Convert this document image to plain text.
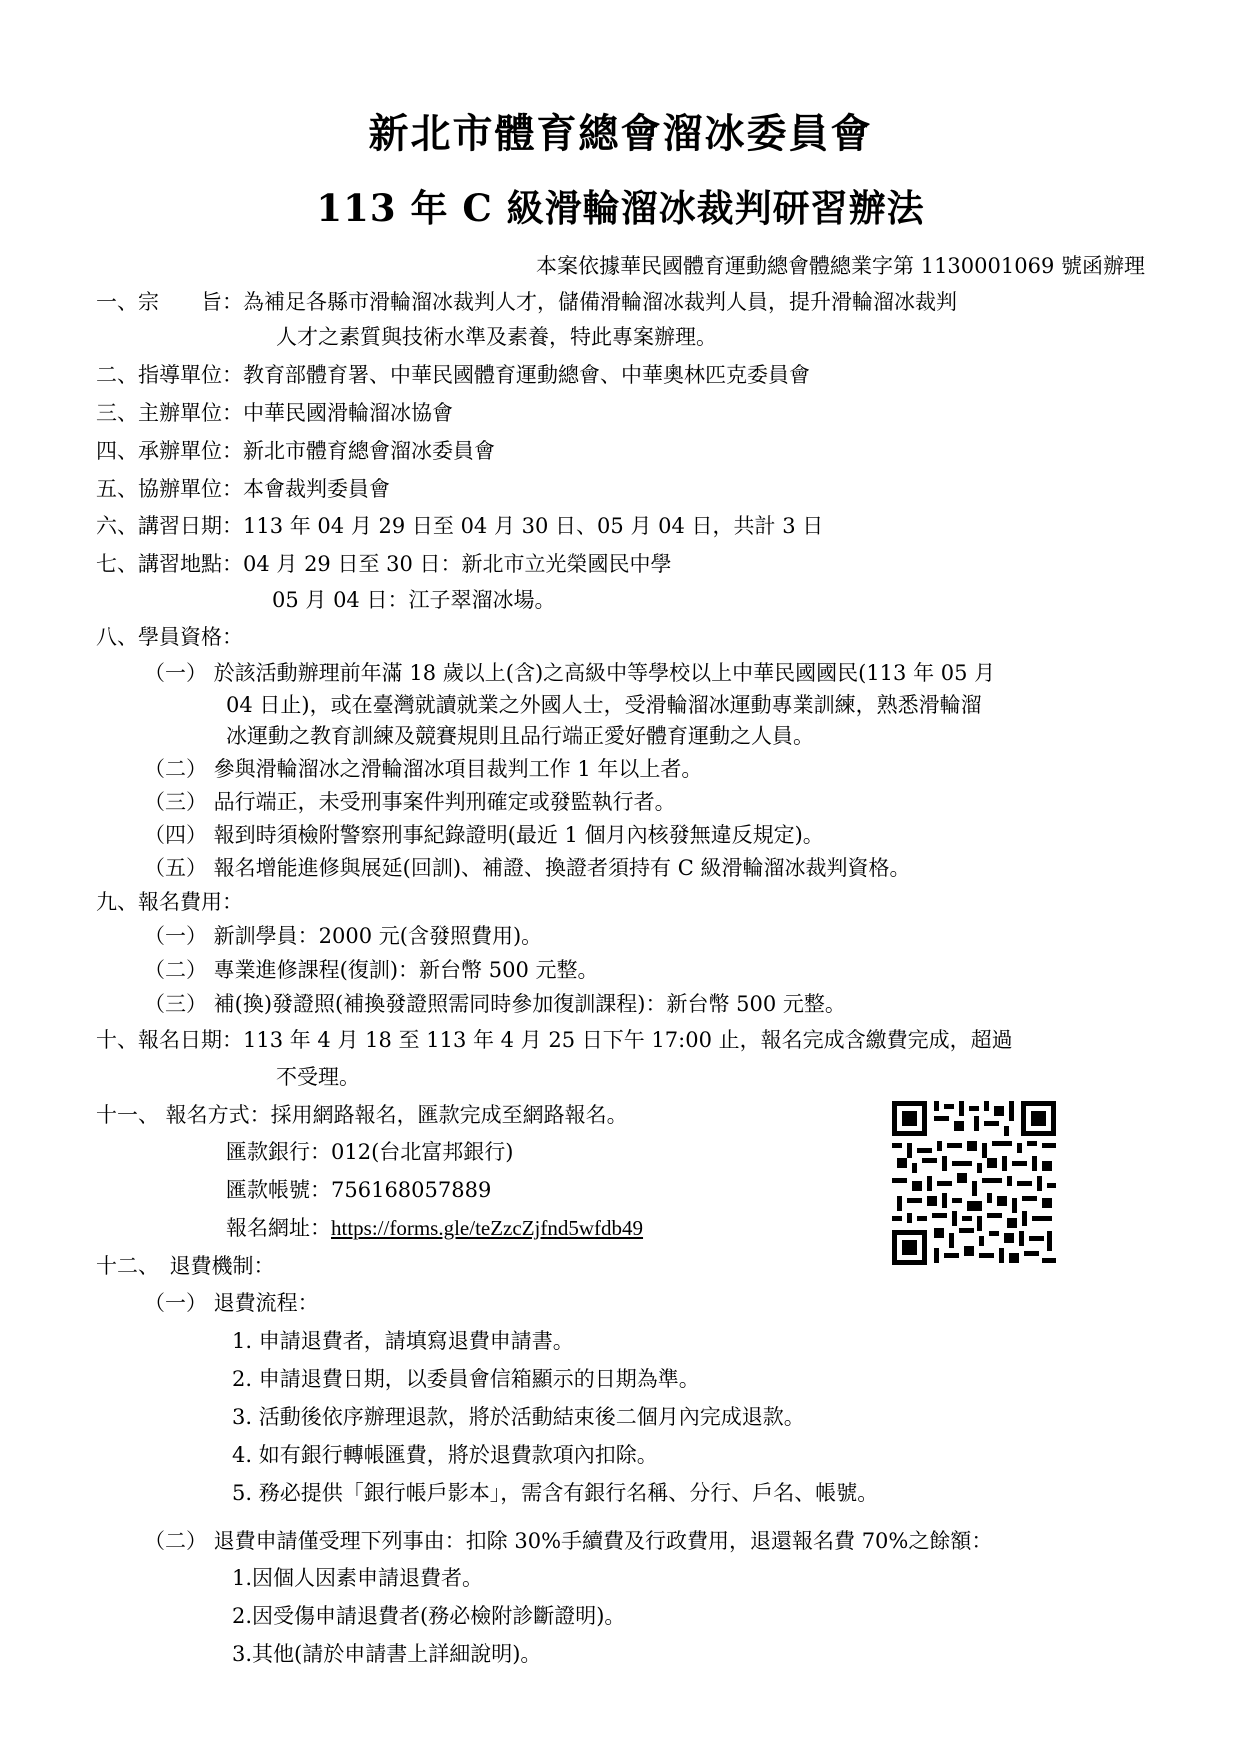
新北市體育總會溜冰委員會
113 年 C 級滑輪溜冰裁判研習辦法
本案依據華民國體育運動總會體總業字第 1130001069 號函辦理
一、宗　　旨：為補足各縣市滑輪溜冰裁判人才，儲備滑輪溜冰裁判人員，提升滑輪溜冰裁判
人才之素質與技術水準及素養，特此專案辦理。
二、指導單位：教育部體育署、中華民國體育運動總會、中華奧林匹克委員會
三、主辦單位：中華民國滑輪溜冰協會
四、承辦單位：新北市體育總會溜冰委員會
五、協辦單位：本會裁判委員會
六、講習日期：113 年 04 月 29 日至 04 月 30 日、05 月 04 日，共計 3 日
七、講習地點：04 月 29 日至 30 日：新北市立光榮國民中學
05 月 04 日：江子翠溜冰場。
八、學員資格：
（一） 於該活動辦理前年滿 18 歲以上(含)之高級中等學校以上中華民國國民(113 年 05 月
04 日止)，或在臺灣就讀就業之外國人士，受滑輪溜冰運動專業訓練，熟悉滑輪溜
冰運動之教育訓練及競賽規則且品行端正愛好體育運動之人員。
（二） 參與滑輪溜冰之滑輪溜冰項目裁判工作 1 年以上者。
（三） 品行端正，未受刑事案件判刑確定或發監執行者。
（四） 報到時須檢附警察刑事紀錄證明(最近 1 個月內核發無違反規定)。
（五） 報名增能進修與展延(回訓)、補證、換證者須持有 C 級滑輪溜冰裁判資格。
九、報名費用：
（一） 新訓學員：2000 元(含發照費用)。
（二） 專業進修課程(復訓)：新台幣 500 元整。
（三） 補(換)發證照(補換發證照需同時參加復訓課程)：新台幣 500 元整。
十、報名日期：113 年 4 月 18 至 113 年 4 月 25 日下午 17:00 止，報名完成含繳費完成，超過
不受理。
十一、 報名方式：採用網路報名，匯款完成至網路報名。
匯款銀行：012(台北富邦銀行)
匯款帳號：756168057889
報名網址：https://forms.gle/teZzcZjfnd5wfdb49
十二、　退費機制：
（一） 退費流程：
1. 申請退費者，請填寫退費申請書。
2. 申請退費日期，以委員會信箱顯示的日期為準。
3. 活動後依序辦理退款，將於活動結束後二個月內完成退款。
4. 如有銀行轉帳匯費，將於退費款項內扣除。
5. 務必提供「銀行帳戶影本」，需含有銀行名稱、分行、戶名、帳號。
（二） 退費申請僅受理下列事由：扣除 30%手續費及行政費用，退還報名費 70%之餘額：
1.因個人因素申請退費者。
2.因受傷申請退費者(務必檢附診斷證明)。
3.其他(請於申請書上詳細說明)。
